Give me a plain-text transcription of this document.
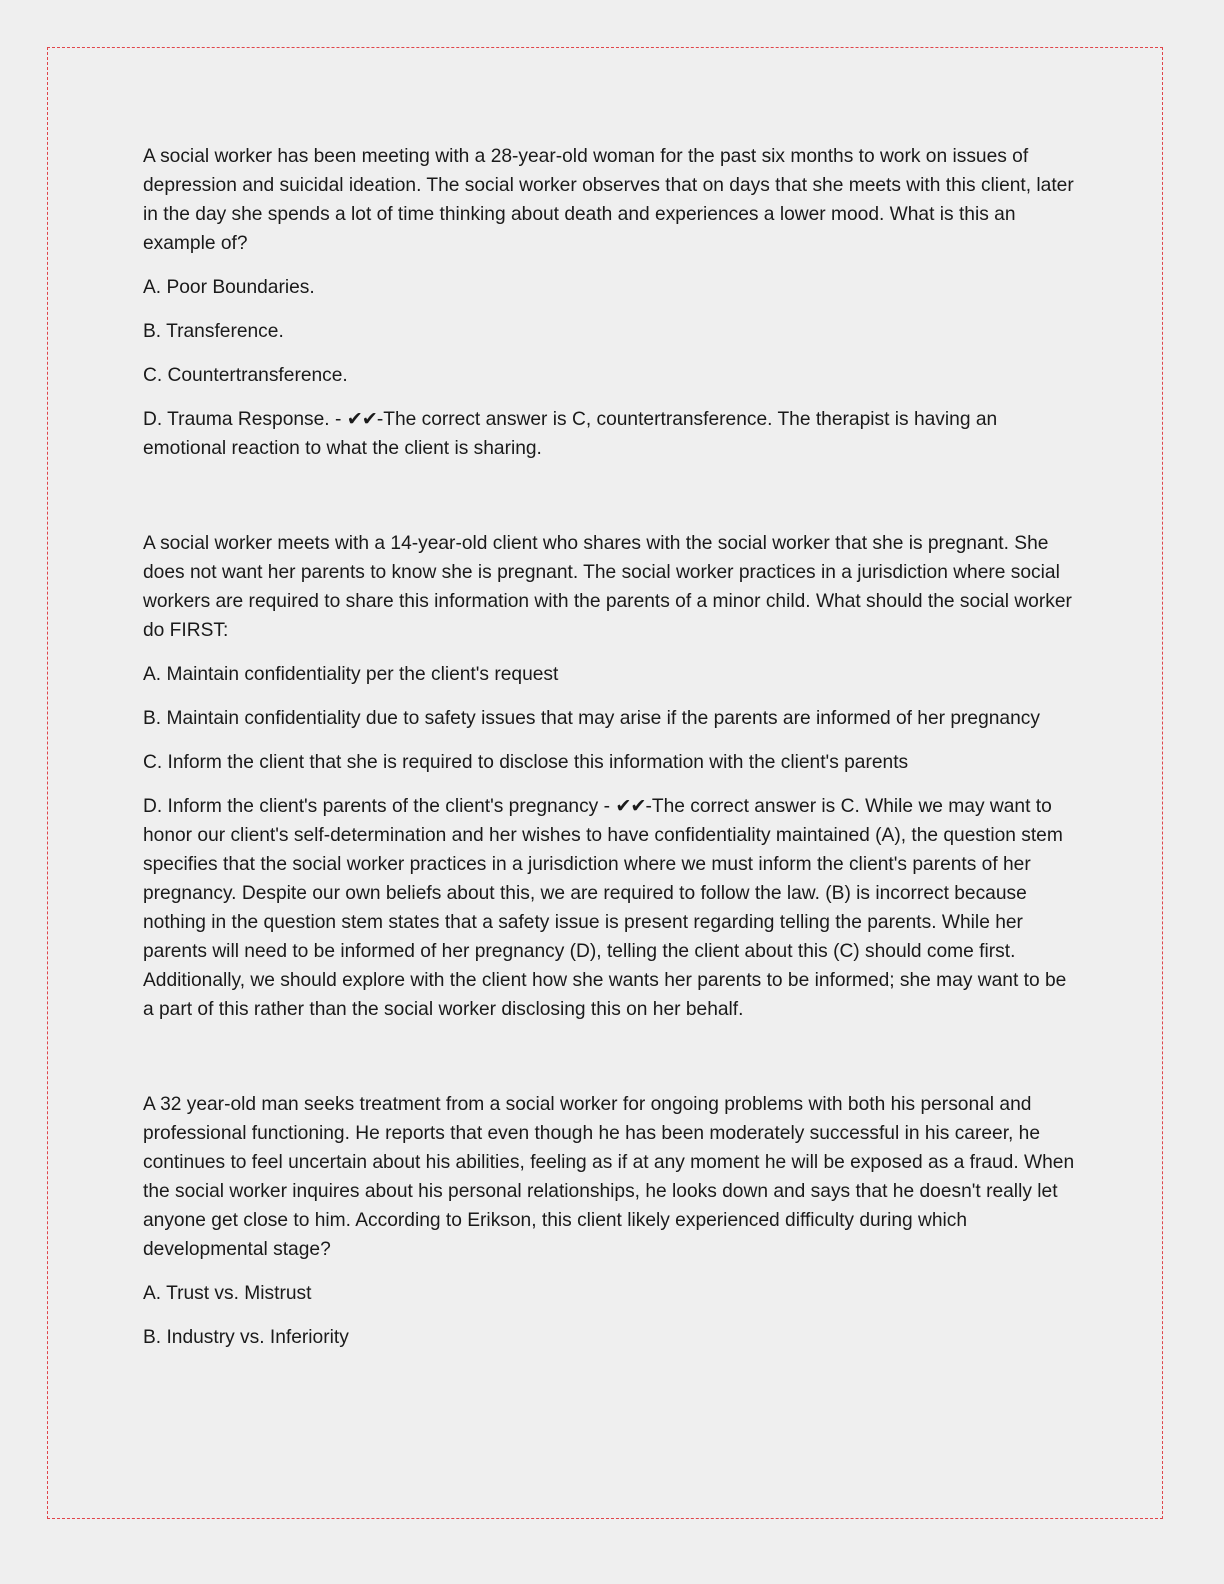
A social worker has been meeting with a 28-year-old woman for the past six months to work on issues of depression and suicidal ideation. The social worker observes that on days that she meets with this client, later in the day she spends a lot of time thinking about death and experiences a lower mood. What is this an example of?

A. Poor Boundaries.

B. Transference.

C. Countertransference.

D. Trauma Response. - ✔✔-The correct answer is C, countertransference. The therapist is having an emotional reaction to what the client is sharing.

A social worker meets with a 14-year-old client who shares with the social worker that she is pregnant. She does not want her parents to know she is pregnant. The social worker practices in a jurisdiction where social workers are required to share this information with the parents of a minor child. What should the social worker do FIRST:

A. Maintain confidentiality per the client's request

B. Maintain confidentiality due to safety issues that may arise if the parents are informed of her pregnancy

C. Inform the client that she is required to disclose this information with the client's parents

D. Inform the client's parents of the client's pregnancy - ✔✔-The correct answer is C. While we may want to honor our client's self-determination and her wishes to have confidentiality maintained (A), the question stem specifies that the social worker practices in a jurisdiction where we must inform the client's parents of her pregnancy. Despite our own beliefs about this, we are required to follow the law. (B) is incorrect because nothing in the question stem states that a safety issue is present regarding telling the parents. While her parents will need to be informed of her pregnancy (D), telling the client about this (C) should come first. Additionally, we should explore with the client how she wants her parents to be informed; she may want to be a part of this rather than the social worker disclosing this on her behalf.

A 32 year-old man seeks treatment from a social worker for ongoing problems with both his personal and professional functioning. He reports that even though he has been moderately successful in his career, he continues to feel uncertain about his abilities, feeling as if at any moment he will be exposed as a fraud. When the social worker inquires about his personal relationships, he looks down and says that he doesn't really let anyone get close to him. According to Erikson, this client likely experienced difficulty during which developmental stage?

A. Trust vs. Mistrust

B. Industry vs. Inferiority
